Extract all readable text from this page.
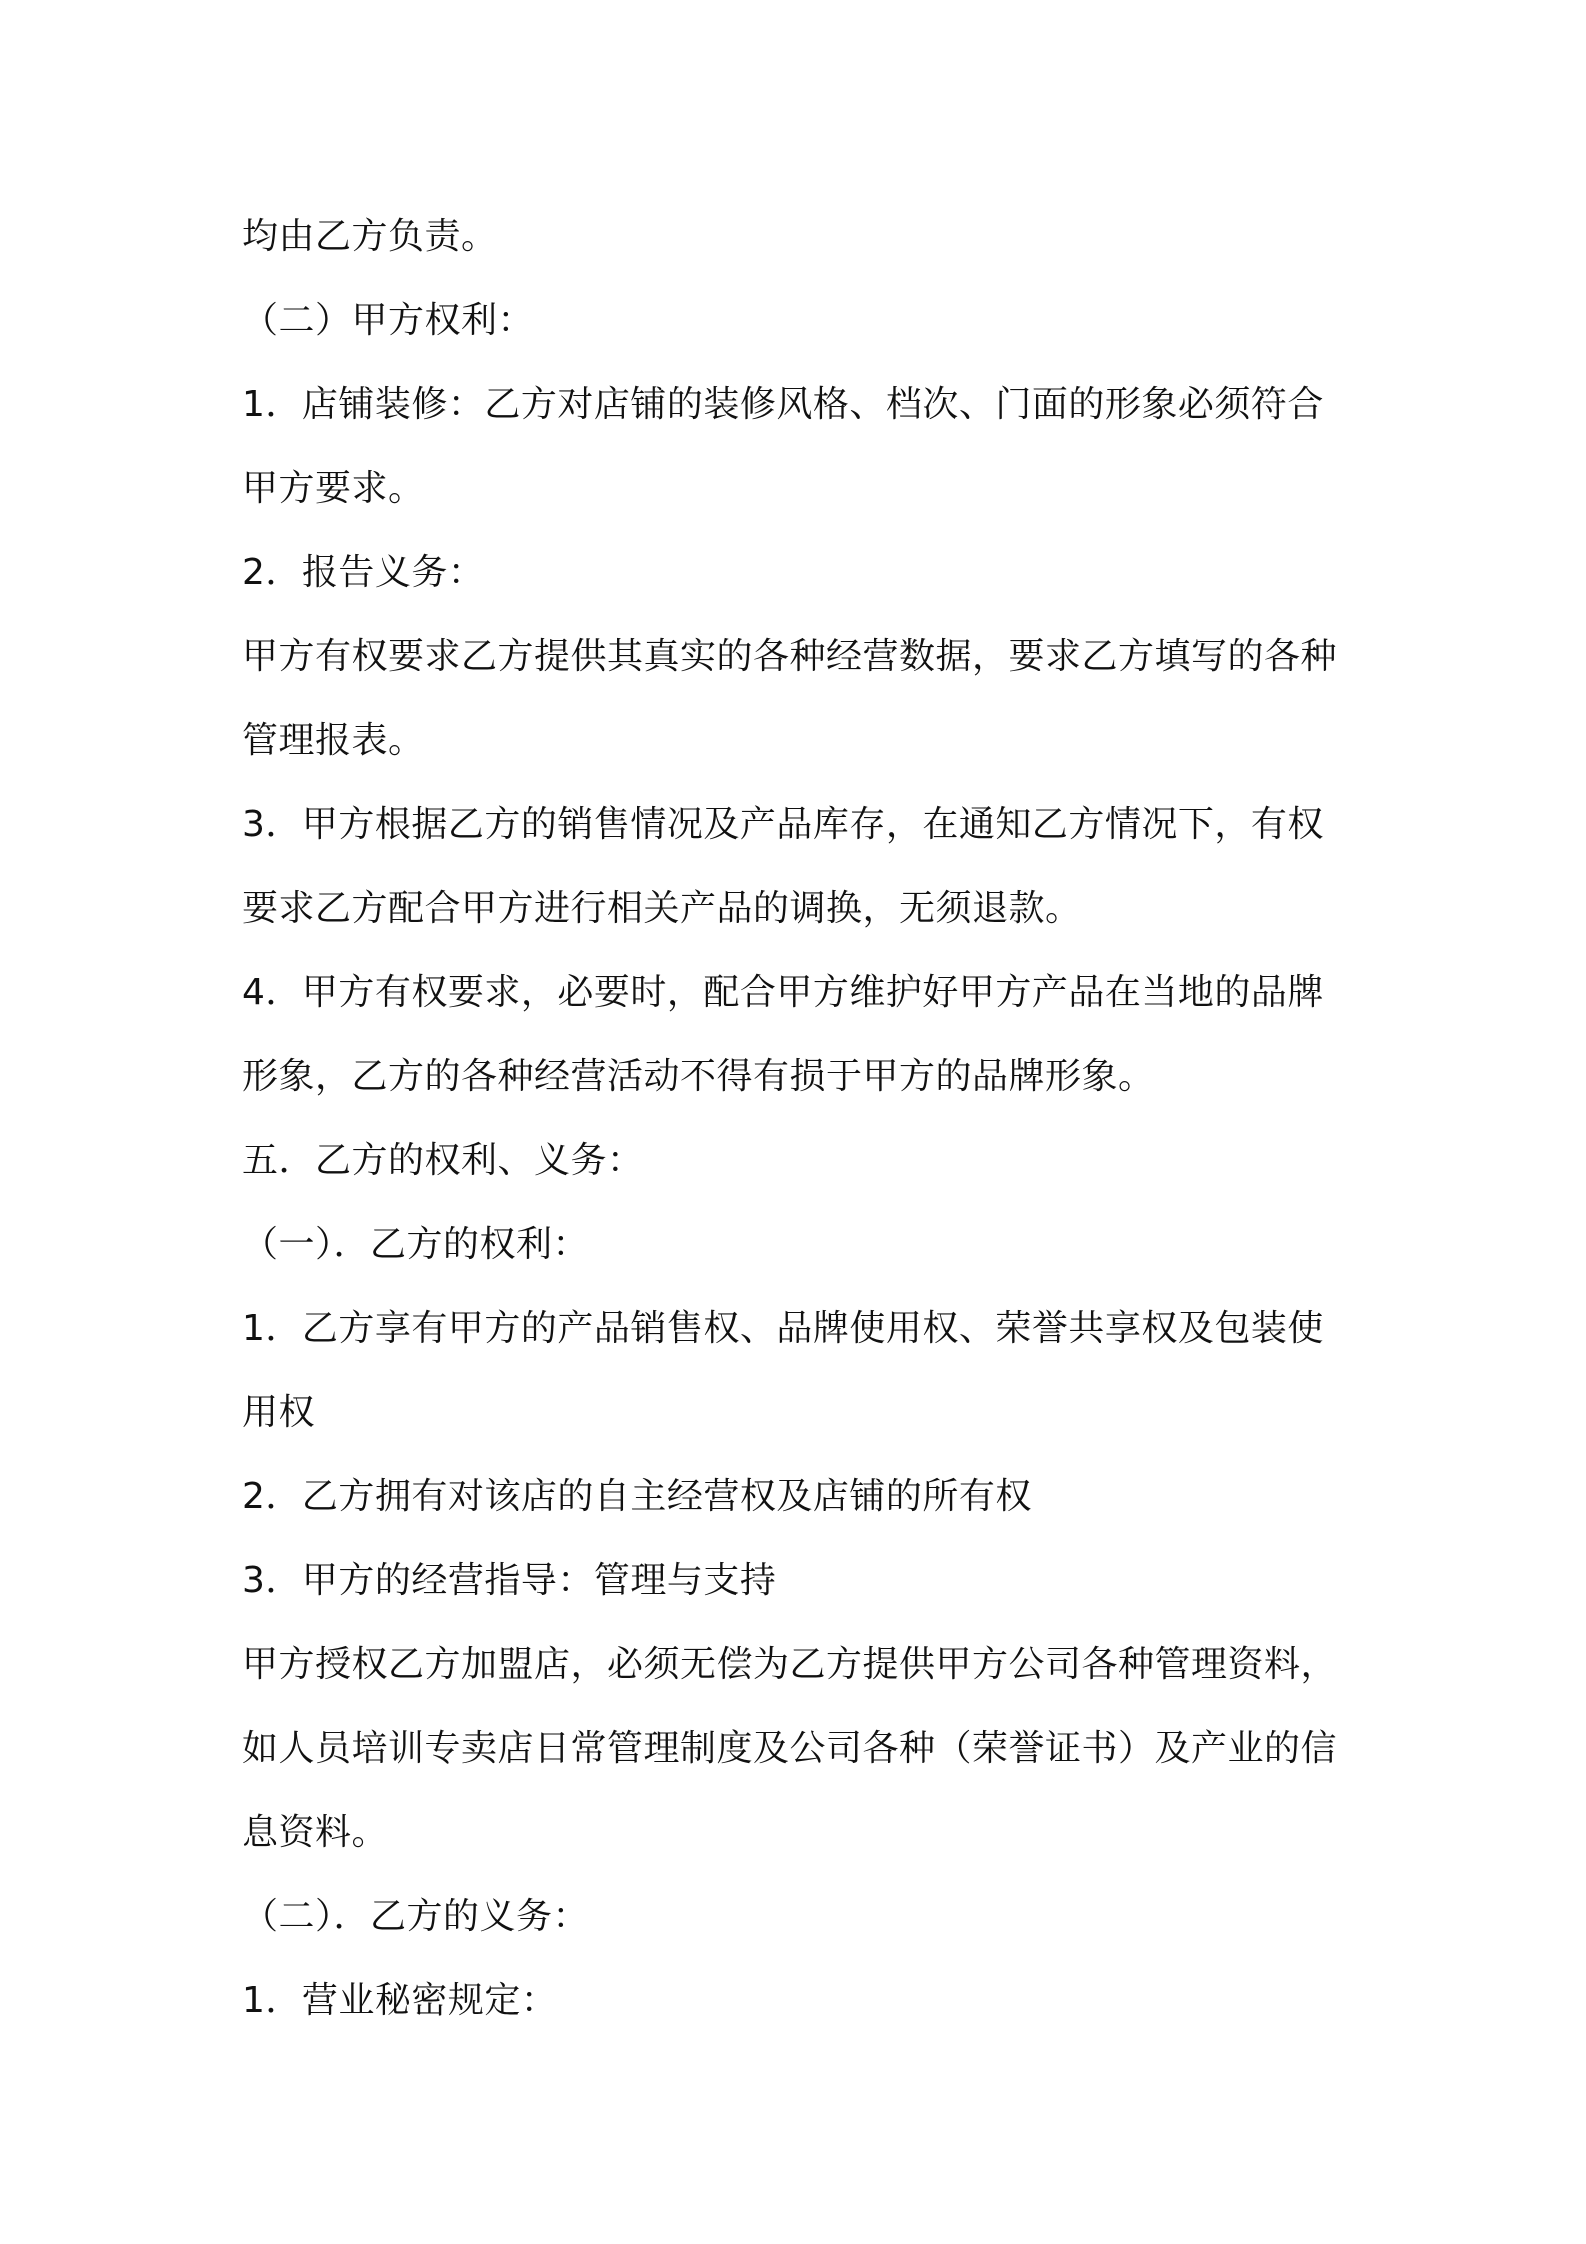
均由乙方负责。
（二）甲方权利：
1．店铺装修：乙方对店铺的装修风格、档次、门面的形象必须符合
甲方要求。
2．报告义务：
甲方有权要求乙方提供其真实的各种经营数据，要求乙方填写的各种
管理报表。
3．甲方根据乙方的销售情况及产品库存，在通知乙方情况下，有权
要求乙方配合甲方进行相关产品的调换，无须退款。
4．甲方有权要求，必要时，配合甲方维护好甲方产品在当地的品牌
形象，乙方的各种经营活动不得有损于甲方的品牌形象。
五．乙方的权利、义务：
（一）．乙方的权利：
1．乙方享有甲方的产品销售权、品牌使用权、荣誉共享权及包装使
用权
2．乙方拥有对该店的自主经营权及店铺的所有权
3．甲方的经营指导：管理与支持
甲方授权乙方加盟店，必须无偿为乙方提供甲方公司各种管理资料，
如人员培训专卖店日常管理制度及公司各种（荣誉证书）及产业的信
息资料。
（二）．乙方的义务：
1．营业秘密规定：
